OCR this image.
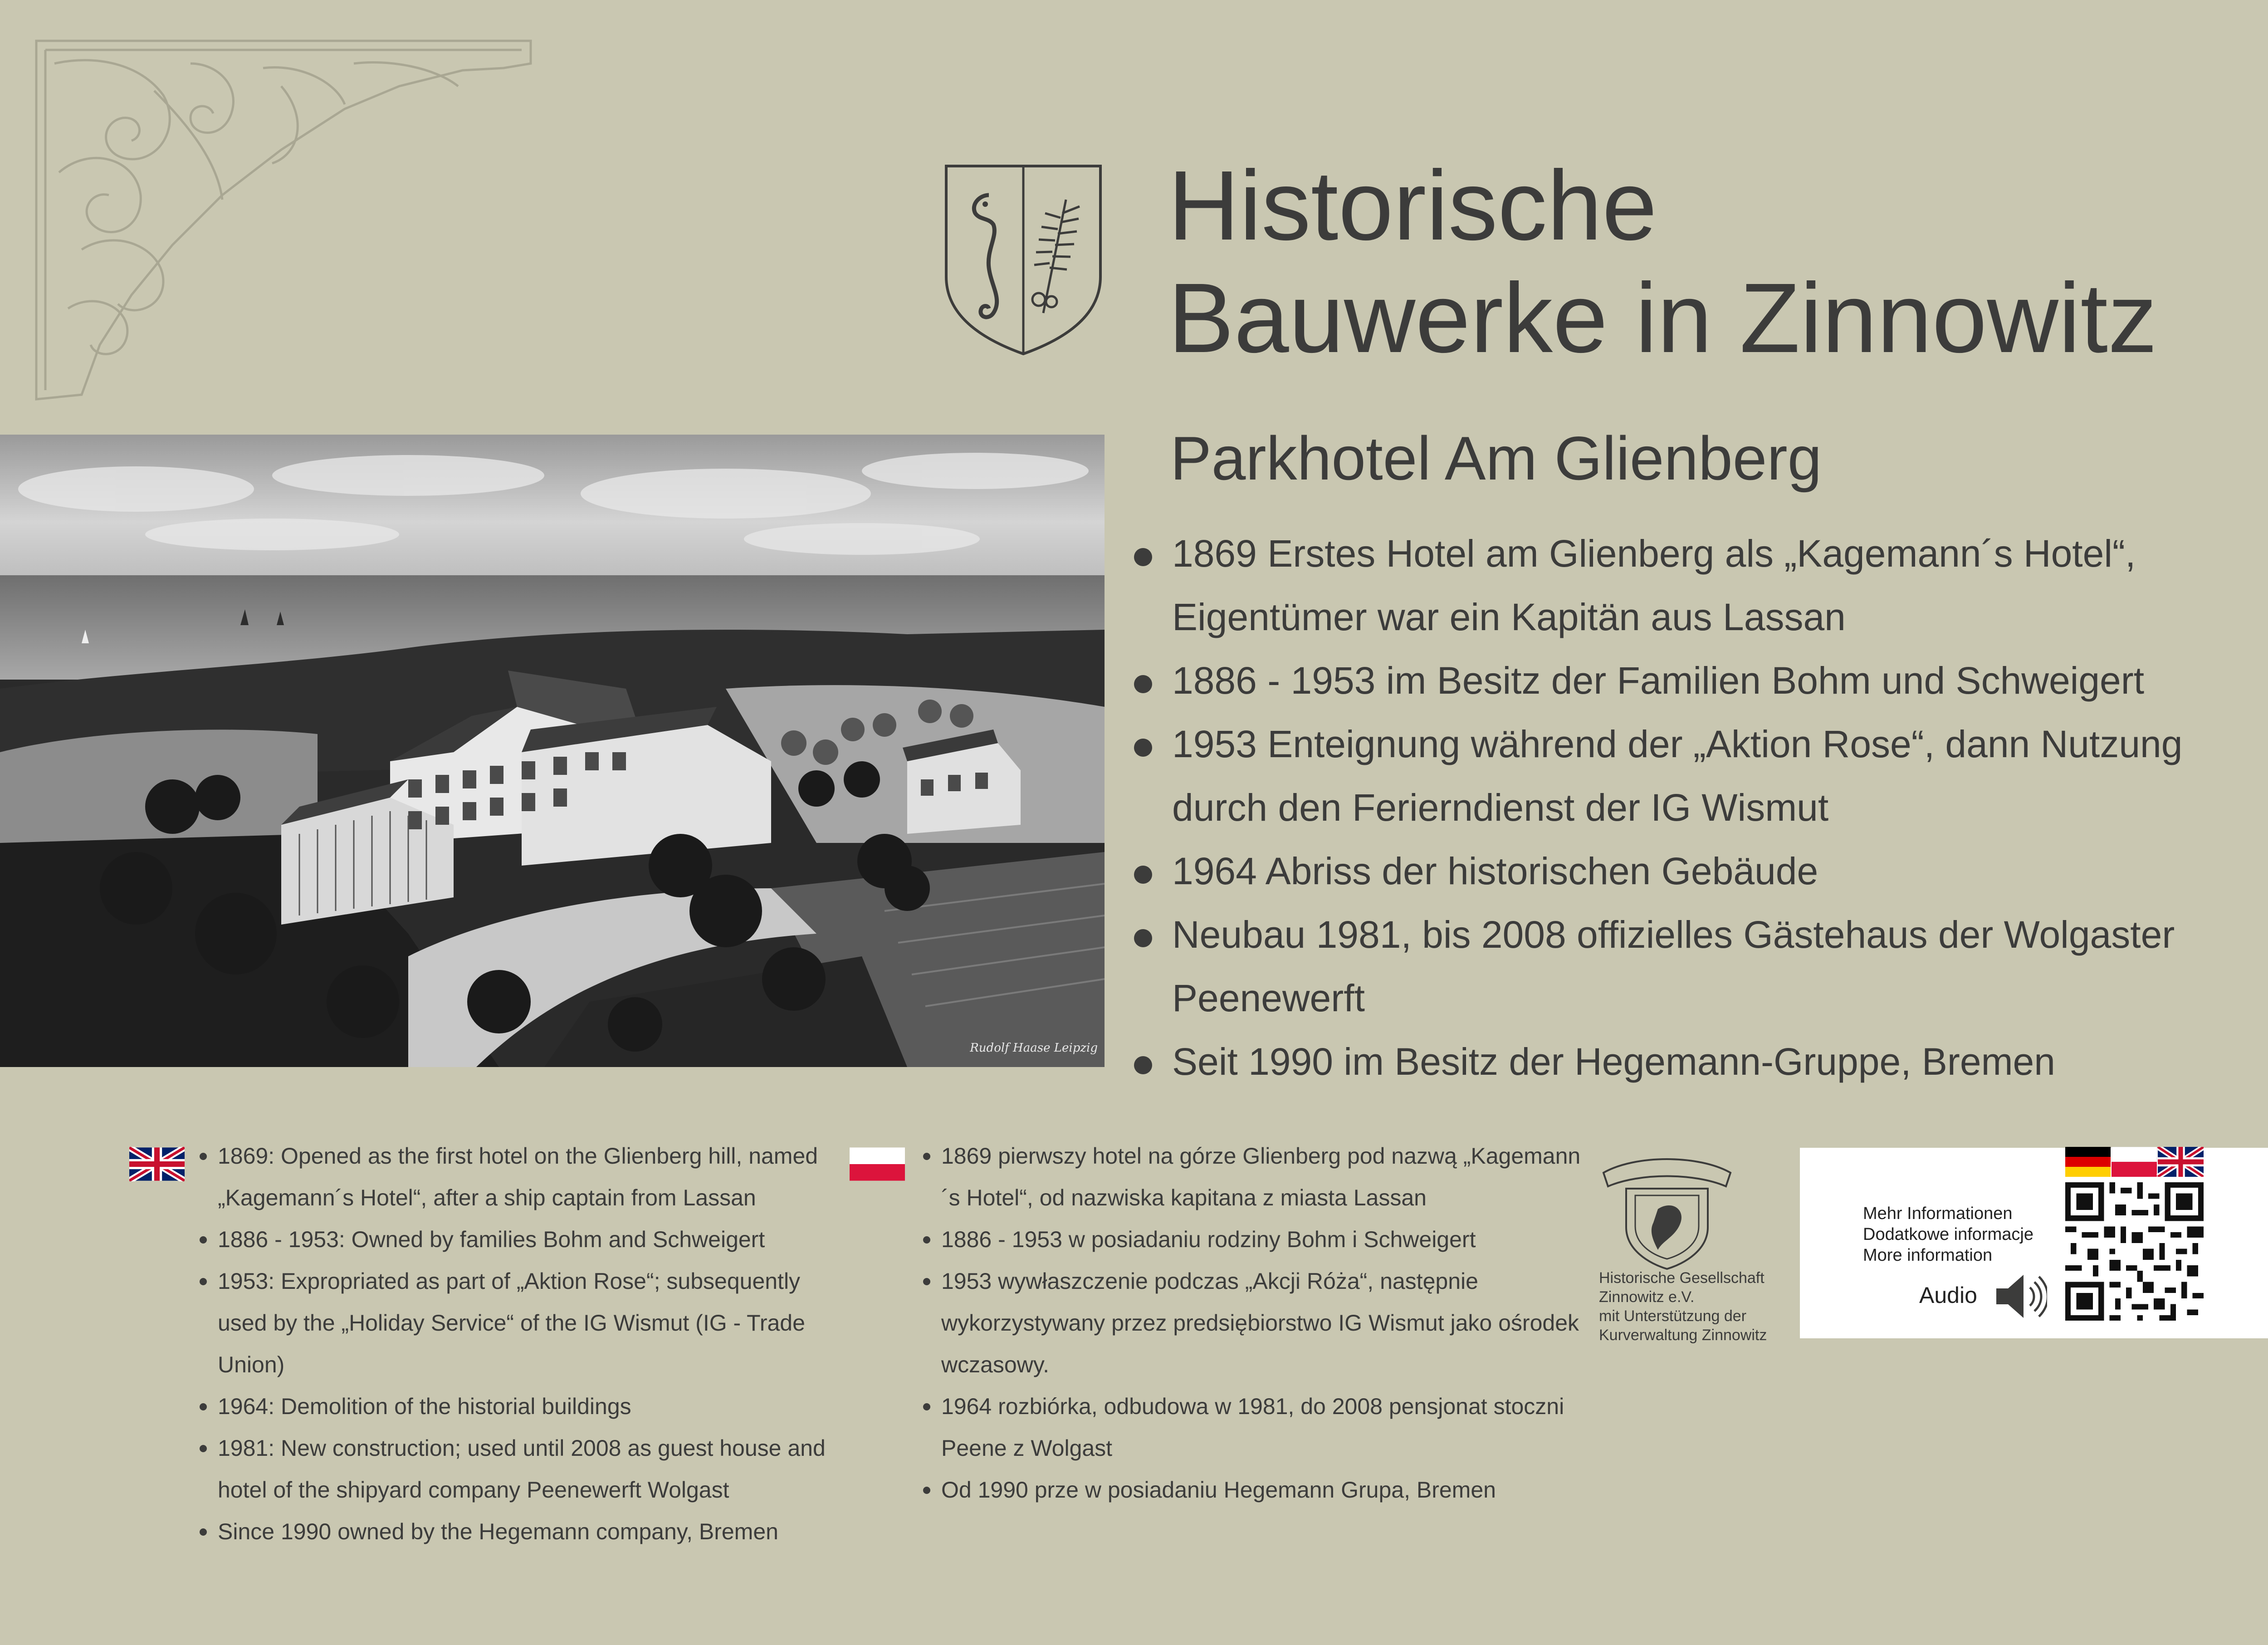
Historische
Bauwerke in Zinnowitz
Rudolf Haase Leipzig
Parkhotel Am Glienberg
1869 Erstes Hotel am Glienberg als „Kagemann´s Hotel“, Eigentümer war ein Kapitän aus Lassan
1886 - 1953 im Besitz der Familien Bohm und Schweigert
1953 Enteignung während der „Aktion Rose“, dann Nutzung durch den Ferierndienst der IG Wismut
1964 Abriss der historischen Gebäude
Neubau 1981, bis 2008 offizielles Gästehaus der Wolgaster Peenewerft
Seit 1990 im Besitz der Hegemann-Gruppe, Bremen
1869: Opened as the first hotel on the Glienberg hill, named „Kagemann´s Hotel“, after a ship captain from Lassan
1886 - 1953: Owned by families Bohm and Schweigert
1953: Expropriated as part of „Aktion Rose“; subsequently used by the „Holiday Service“ of the IG Wismut (IG - Trade Union)
1964: Demolition of the historial buildings
1981: New construction; used until 2008 as guest house and hotel of the shipyard company Peenewerft Wolgast
Since 1990 owned by the Hegemann company, Bremen
1869 pierwszy hotel na górze Glienberg pod nazwą „Kagemann´s Hotel“, od nazwiska kapitana z miasta Lassan
1886 - 1953 w posiadaniu rodziny Bohm i Schweigert
1953 wywłaszczenie podczas „Akcji Róża“, następnie wykorzystywany przez predsiębiorstwo IG Wismut jako ośrodek wczasowy.
1964 rozbiórka, odbudowa w 1981, do 2008 pensjonat stoczni Peene z Wolgast
Od 1990 prze w posiadaniu Hegemann Grupa, Bremen
Historische Gesellschaft
Zinnowitz e.V.
mit Unterstützung der
Kurverwaltung Zinnowitz
Mehr Informationen
Dodatkowe informacje
More information
Audio
